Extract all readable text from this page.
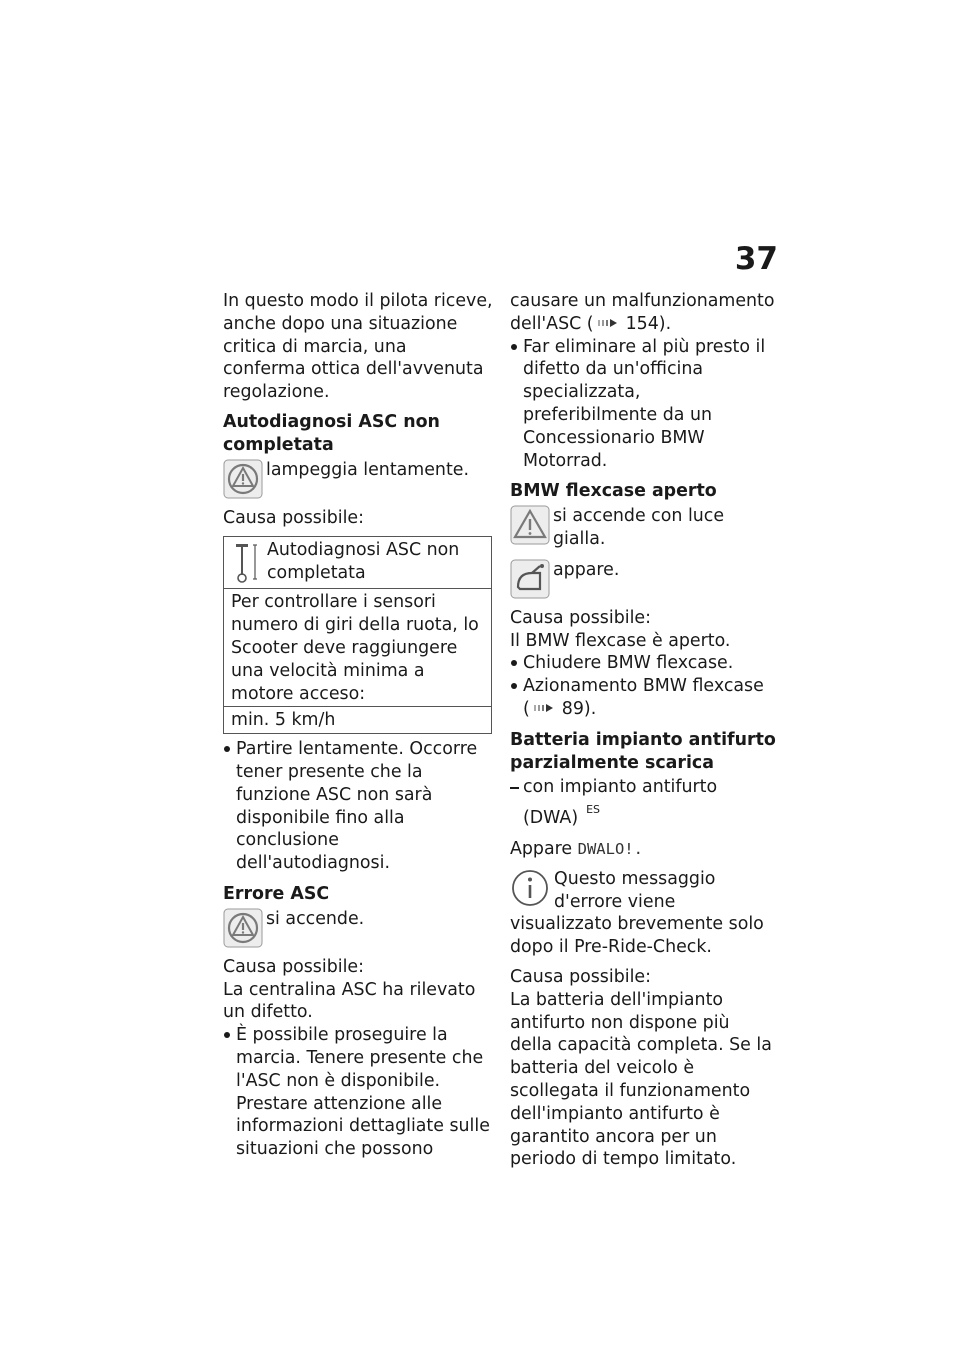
37

In questo modo il pilota riceve, anche dopo una situazione critica di marcia, una conferma ottica dell'avvenuta regolazione.

Autodiagnosi ASC non completata
lampeggia lentamente.

Causa possibile:

Autodiagnosi ASC non completata

Per controllare i sensori numero di giri della ruota, lo Scooter deve raggiungere una velocità minima a motore acceso:
min. 5 km/h
Partire lentamente. Occorre tener presente che la funzione ASC non sarà disponibile fino alla conclusione dell'autodiagnosi.
Errore ASC
si accende.
Causa possibile:
La centralina ASC ha rilevato un difetto.
È possibile proseguire la marcia. Tenere presente che l'ASC non è disponibile. Prestare attenzione alle informazioni dettagliate sulle situazioni che possono
causare un malfunzionamento dell'ASC ( 154).
Far eliminare al più presto il difetto da un'officina specializzata, preferibilmente da un Concessionario BMW Motorrad.
BMW flexcase aperto
si accende con luce gialla.
appare.
Causa possibile:
Il BMW flexcase è aperto.
Chiudere BMW flexcase.
Azionamento BMW flexcase
( 89).
Batteria impianto antifurto parzialmente scarica
con impianto antifurto (DWA) $^{ES}$

Appare DWALO!.

Questo messaggio d'errore viene visualizzato brevemente solo dopo il Pre-Ride-Check.
Causa possibile:
La batteria dell'impianto antifurto non dispone più della capacità completa. Se la batteria del veicolo è scollegata il funzionamento dell'impianto antifurto è garantito ancora per un periodo di tempo limitato.
